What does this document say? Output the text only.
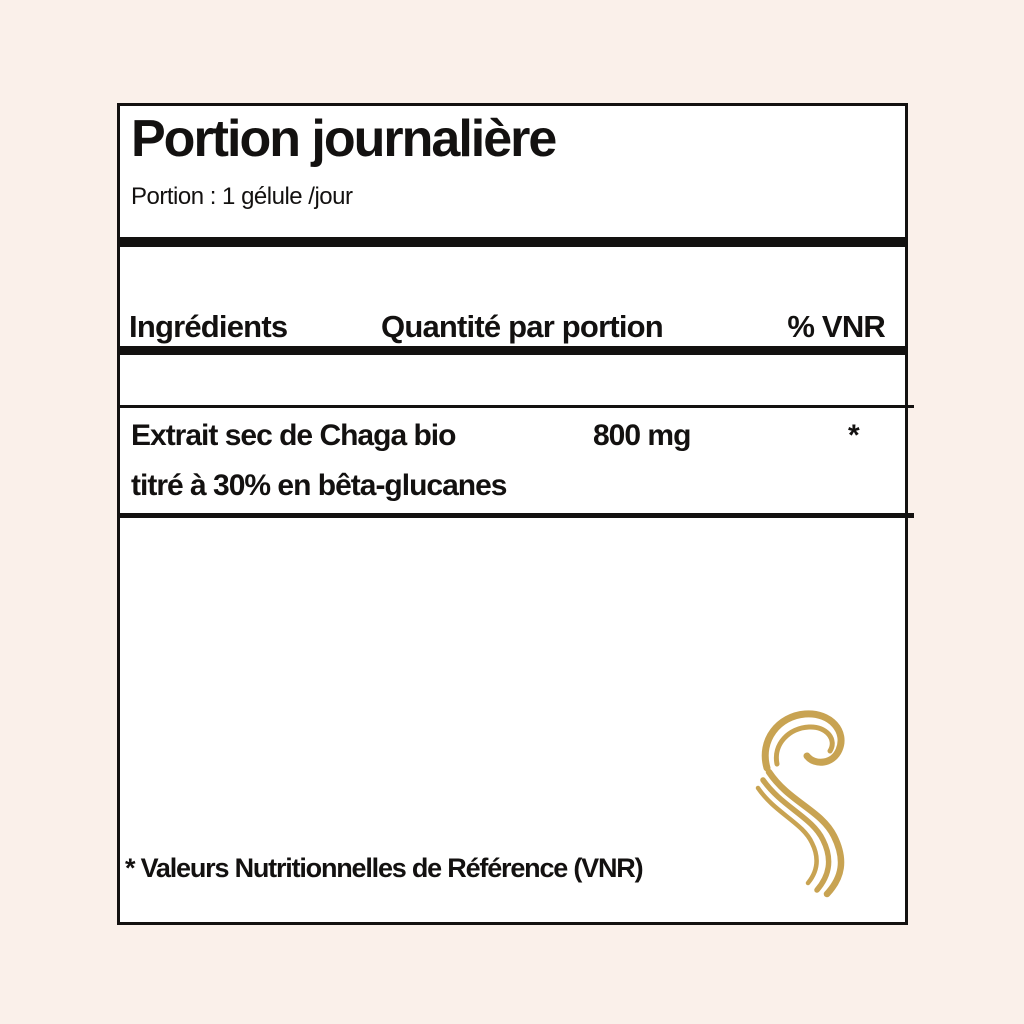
Portion journalière
Portion : 1 gélule /jour
Ingrédients	Quantité par portion	% VNR
Extrait sec de Chaga bio
titré à 30% en bêta-glucanes
800 mg	*
* Valeurs Nutritionnelles de Référence (VNR)
